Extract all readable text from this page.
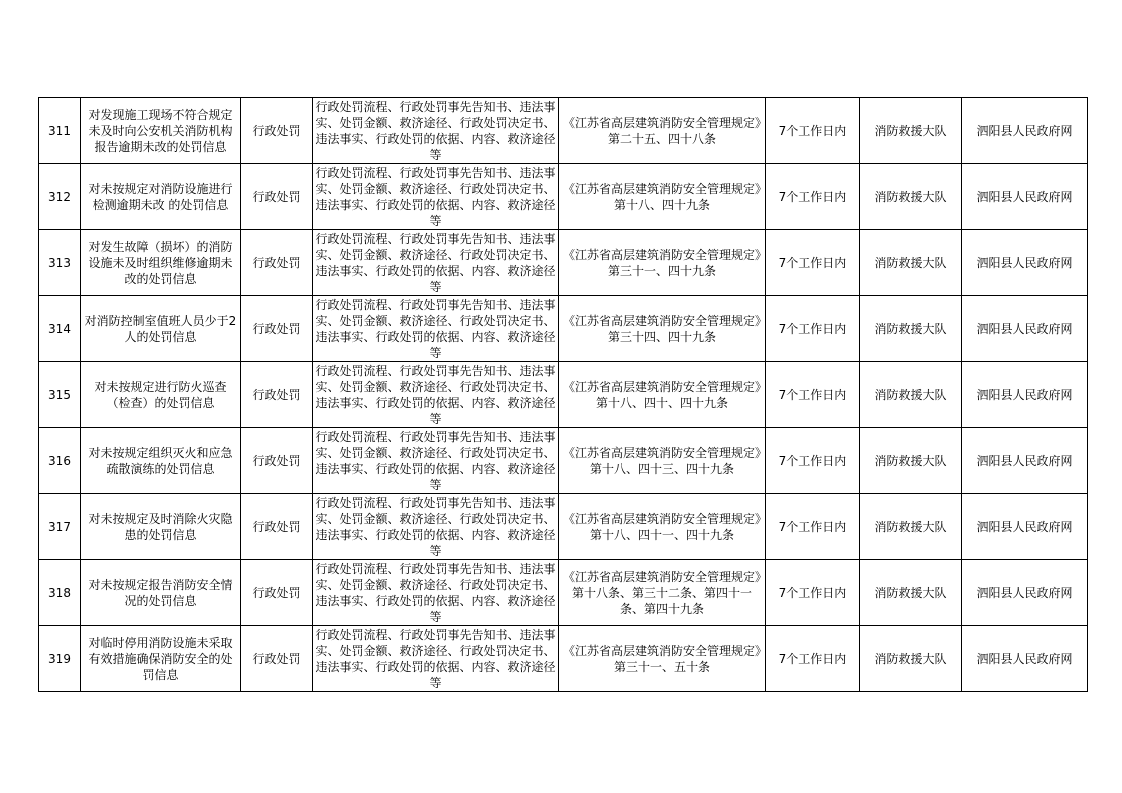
311	对发现施工现场不符合规定未及时向公安机关消防机构报告逾期未改的处罚信息	行政处罚	行政处罚流程、行政处罚事先告知书、违法事实、处罚金额、救济途径、行政处罚决定书、违法事实、行政处罚的依据、内容、救济途径等	《江苏省高层建筑消防安全管理规定》第二十五、四十八条	7个工作日内	消防救援大队	泗阳县人民政府网
312	对未按规定对消防设施进行检测逾期未改 的处罚信息	行政处罚	行政处罚流程、行政处罚事先告知书、违法事实、处罚金额、救济途径、行政处罚决定书、违法事实、行政处罚的依据、内容、救济途径等	《江苏省高层建筑消防安全管理规定》第十八、四十九条	7个工作日内	消防救援大队	泗阳县人民政府网
313	对发生故障（损坏）的消防设施未及时组织维修逾期未改的处罚信息	行政处罚	行政处罚流程、行政处罚事先告知书、违法事实、处罚金额、救济途径、行政处罚决定书、违法事实、行政处罚的依据、内容、救济途径等	《江苏省高层建筑消防安全管理规定》第三十一、四十九条	7个工作日内	消防救援大队	泗阳县人民政府网
314	对消防控制室值班人员少于2人的处罚信息	行政处罚	行政处罚流程、行政处罚事先告知书、违法事实、处罚金额、救济途径、行政处罚决定书、违法事实、行政处罚的依据、内容、救济途径等	《江苏省高层建筑消防安全管理规定》第三十四、四十九条	7个工作日内	消防救援大队	泗阳县人民政府网
315	对未按规定进行防火巡查（检查）的处罚信息	行政处罚	行政处罚流程、行政处罚事先告知书、违法事实、处罚金额、救济途径、行政处罚决定书、违法事实、行政处罚的依据、内容、救济途径等	《江苏省高层建筑消防安全管理规定》第十八、四十、四十九条	7个工作日内	消防救援大队	泗阳县人民政府网
316	对未按规定组织灭火和应急疏散演练的处罚信息	行政处罚	行政处罚流程、行政处罚事先告知书、违法事实、处罚金额、救济途径、行政处罚决定书、违法事实、行政处罚的依据、内容、救济途径等	《江苏省高层建筑消防安全管理规定》第十八、四十三、四十九条	7个工作日内	消防救援大队	泗阳县人民政府网
317	对未按规定及时消除火灾隐患的处罚信息	行政处罚	行政处罚流程、行政处罚事先告知书、违法事实、处罚金额、救济途径、行政处罚决定书、违法事实、行政处罚的依据、内容、救济途径等	《江苏省高层建筑消防安全管理规定》第十八、四十一、四十九条	7个工作日内	消防救援大队	泗阳县人民政府网
318	对未按规定报告消防安全情况的处罚信息	行政处罚	行政处罚流程、行政处罚事先告知书、违法事实、处罚金额、救济途径、行政处罚决定书、违法事实、行政处罚的依据、内容、救济途径等	《江苏省高层建筑消防安全管理规定》第十八条、第三十二条、第四十一条、第四十九条	7个工作日内	消防救援大队	泗阳县人民政府网
319	对临时停用消防设施未采取有效措施确保消防安全的处罚信息	行政处罚	行政处罚流程、行政处罚事先告知书、违法事实、处罚金额、救济途径、行政处罚决定书、违法事实、行政处罚的依据、内容、救济途径等	《江苏省高层建筑消防安全管理规定》第三十一、五十条	7个工作日内	消防救援大队	泗阳县人民政府网
